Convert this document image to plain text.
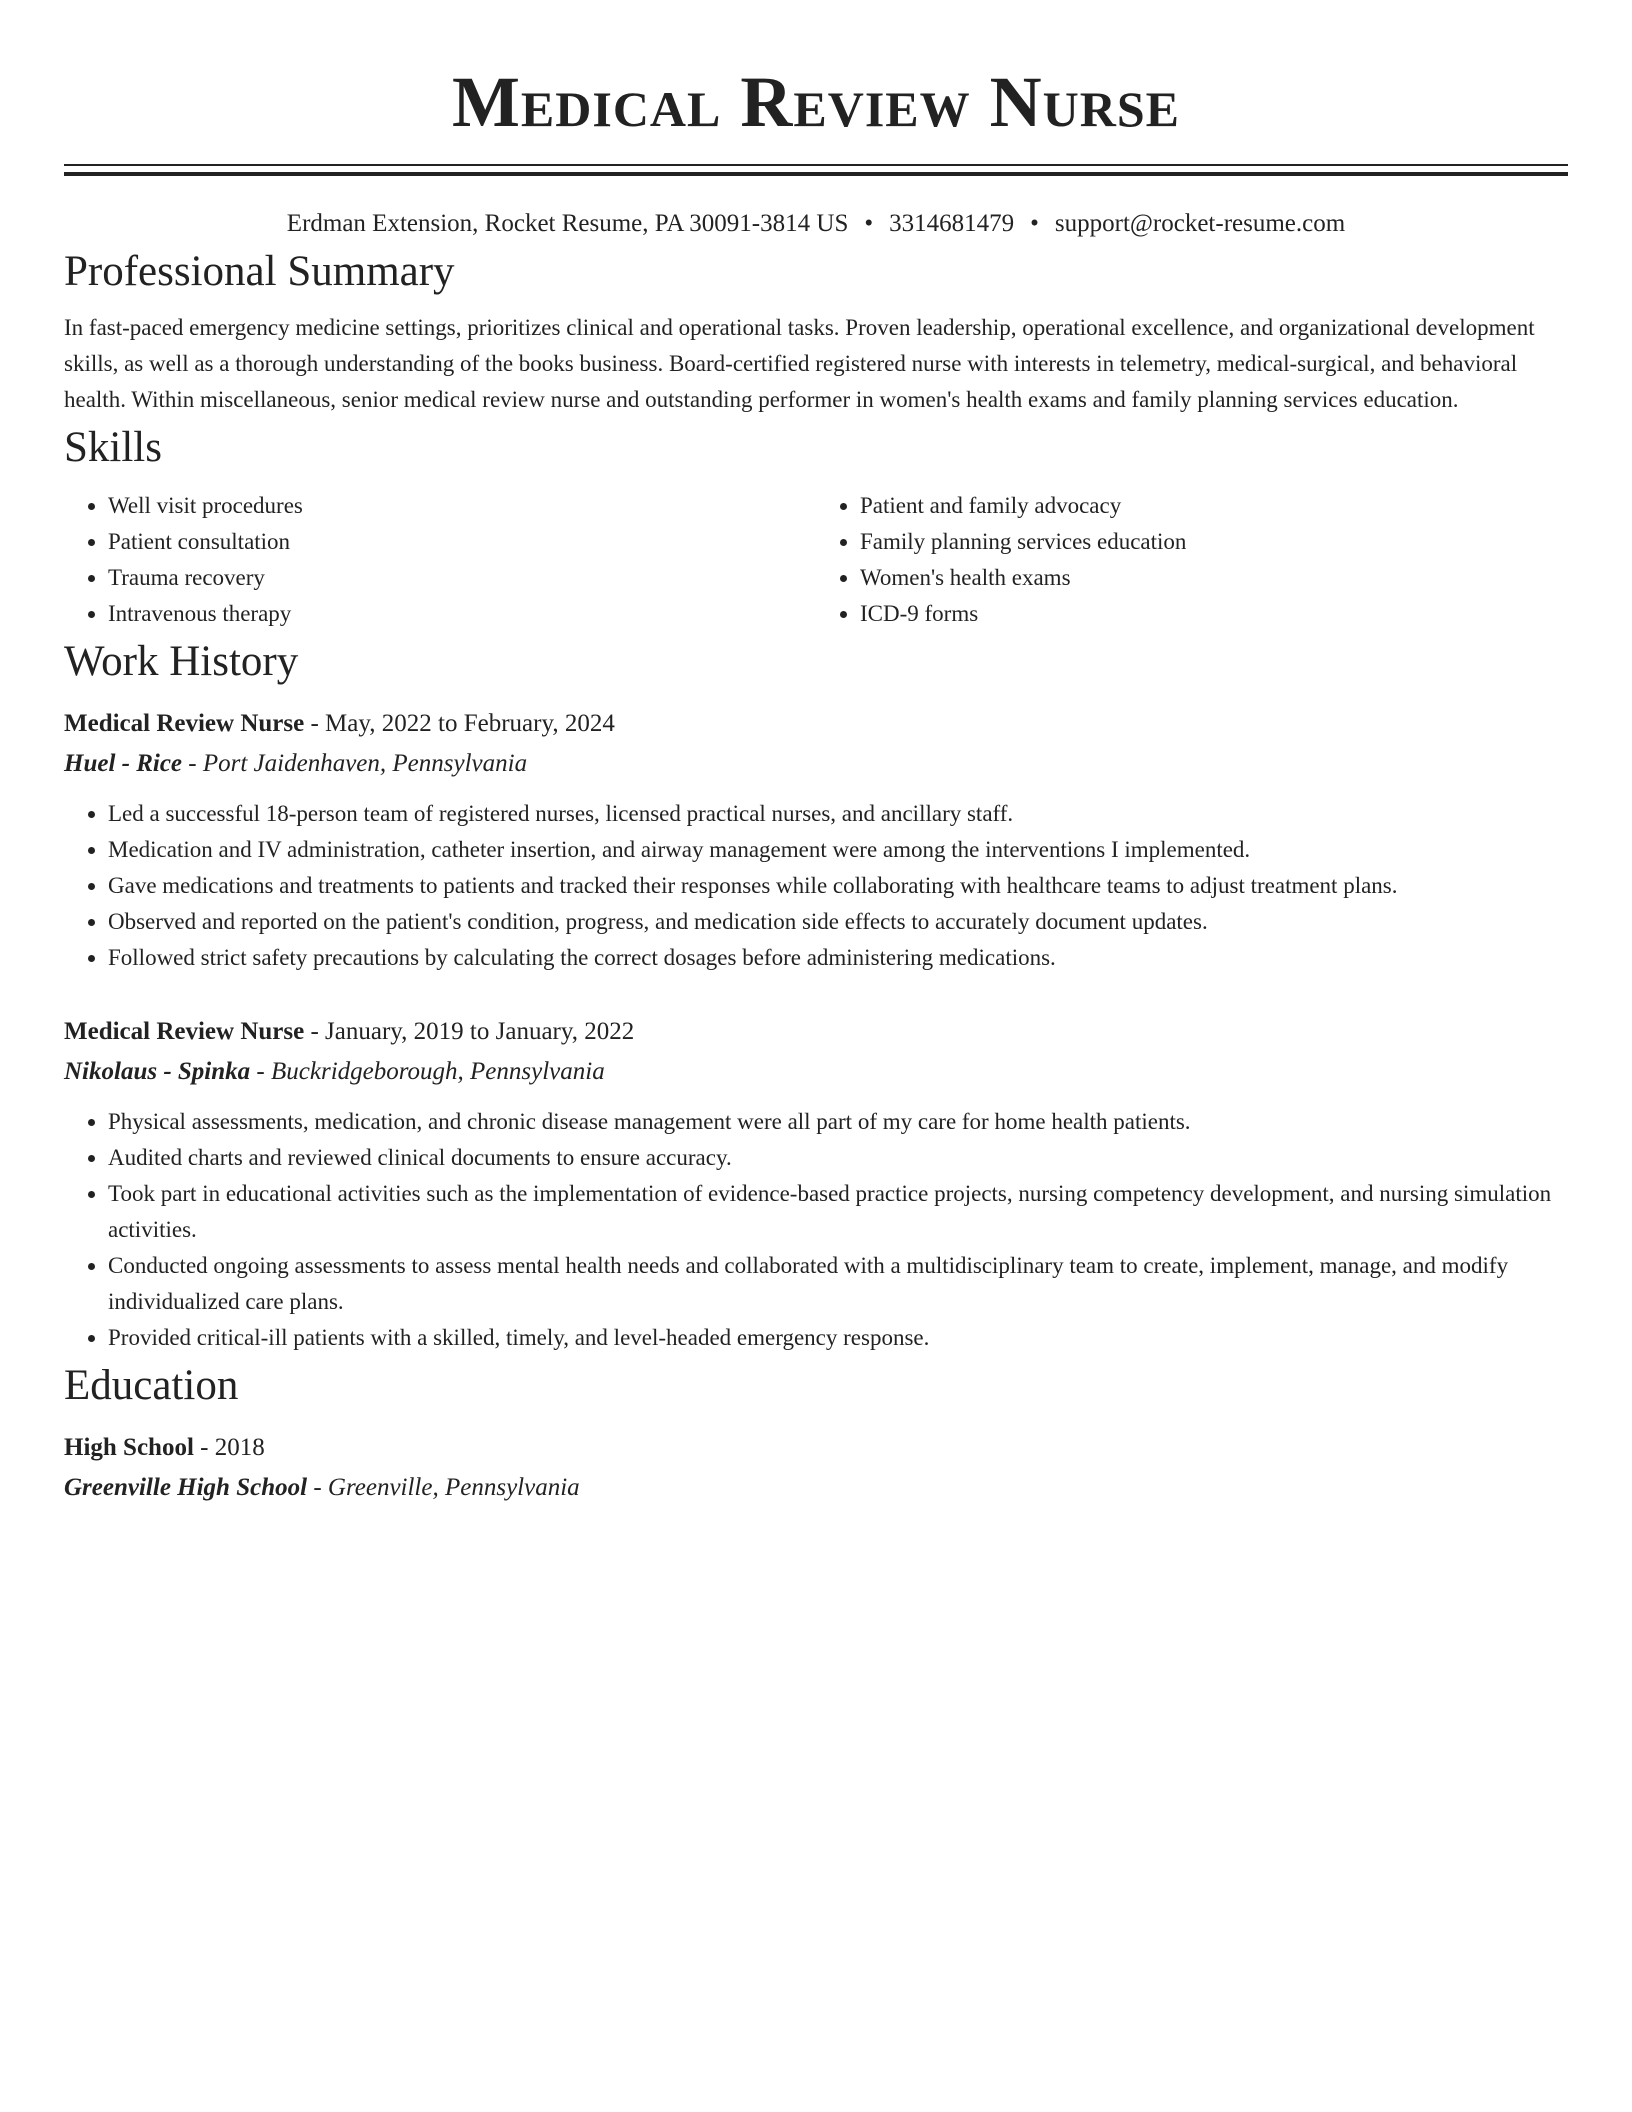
Medical Review Nurse
Erdman Extension, Rocket Resume, PA 30091-3814 US • 3314681479 • support@rocket-resume.com
Professional Summary
In fast-paced emergency medicine settings, prioritizes clinical and operational tasks. Proven leadership, operational excellence, and organizational development skills, as well as a thorough understanding of the books business. Board-certified registered nurse with interests in telemetry, medical-surgical, and behavioral health. Within miscellaneous, senior medical review nurse and outstanding performer in women's health exams and family planning services education.
Skills
• Well visit procedures
• Patient consultation
• Trauma recovery
• Intravenous therapy
• Patient and family advocacy
• Family planning services education
• Women's health exams
• ICD-9 forms
Work History
Medical Review Nurse - May, 2022 to February, 2024
Huel - Rice - Port Jaidenhaven, Pennsylvania
• Led a successful 18-person team of registered nurses, licensed practical nurses, and ancillary staff.
• Medication and IV administration, catheter insertion, and airway management were among the interventions I implemented.
• Gave medications and treatments to patients and tracked their responses while collaborating with healthcare teams to adjust treatment plans.
• Observed and reported on the patient's condition, progress, and medication side effects to accurately document updates.
• Followed strict safety precautions by calculating the correct dosages before administering medications.
Medical Review Nurse - January, 2019 to January, 2022
Nikolaus - Spinka - Buckridgeborough, Pennsylvania
• Physical assessments, medication, and chronic disease management were all part of my care for home health patients.
• Audited charts and reviewed clinical documents to ensure accuracy.
• Took part in educational activities such as the implementation of evidence-based practice projects, nursing competency development, and nursing simulation activities.
• Conducted ongoing assessments to assess mental health needs and collaborated with a multidisciplinary team to create, implement, manage, and modify individualized care plans.
• Provided critical-ill patients with a skilled, timely, and level-headed emergency response.
Education
High School - 2018
Greenville High School - Greenville, Pennsylvania
